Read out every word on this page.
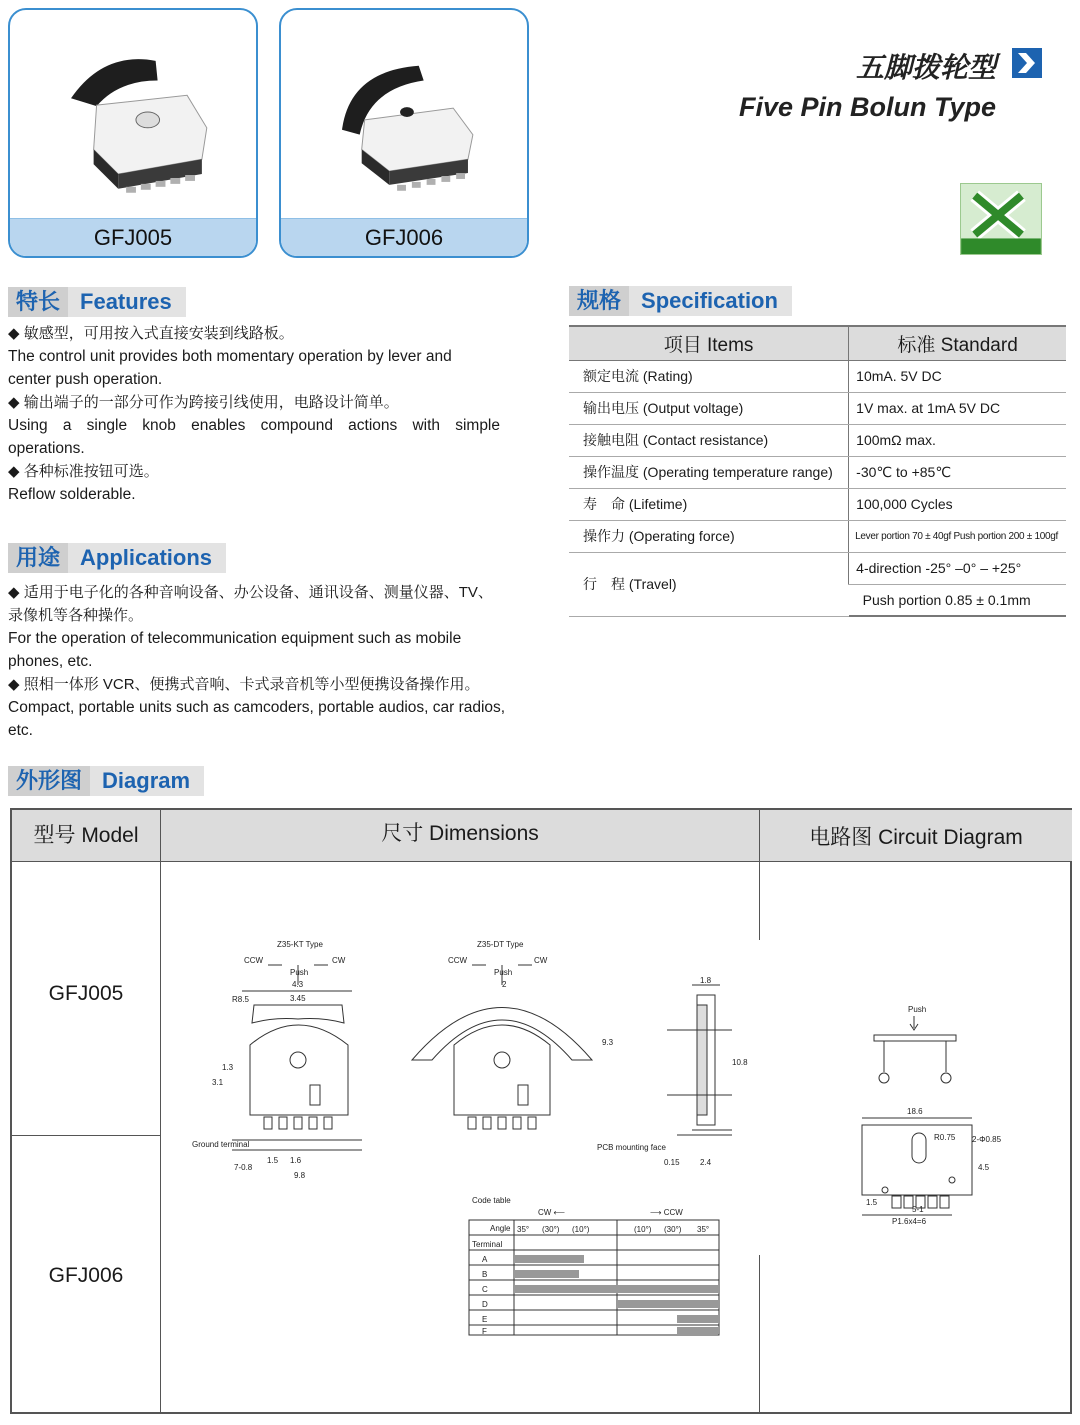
GFJ005	GFJ006
五脚拨轮型
Five Pin Bolun Type
特长 Features

◆ 敏感型，可用按入式直接安装到线路板。

The control unit provides both momentary operation by lever and

center push operation.

◆ 输出端子的一部分可作为跨接引线使用，电路设计简单。

Using a single knob enables compound actions with simple

operations.

◆ 各种标准按钮可选。

Reflow solderable.

用途 Applications

◆ 适用于电子化的各种音响设备、办公设备、通讯设备、测量仪器、TV、

录像机等各种操作。

For the operation of telecommunication equipment such as mobile

phones, etc.

◆ 照相一体形 VCR、便携式音响、卡式录音机等小型便携设备操作用。

Compact, portable units such as camcoders, portable audios, car radios,

etc.

规格 Specification
项目 Items	标准 Standard
额定电流 (Rating)	10mA. 5V DC
输出电压 (Output voltage)	1V max. at 1mA 5V DC
接触电阻 (Contact resistance)	100mΩ max.
操作温度 (Operating temperature range)	-30℃ to +85℃
寿　命 (Lifetime)	100,000 Cycles
操作力 (Operating force)	Lever portion 70 ± 40gf Push portion 200 ± 100gf
行　程 (Travel)	4-direction -25° –0° – +25°
	Push portion 0.85 ± 0.1mm
外形图 Diagram
型号 Model	尺寸 Dimensions	电路图 Circuit Diagram
GFJ005
GFJ006
Z35-KT Type
CCW	CW
Push
Z35-DT Type
CCW	CW
Push
Ground terminal	PCB mounting face
Code table
CW ⟵	⟶ CCW
Angle
Terminal
35° (30°) (10°)	(10°) (30°) 35°
A
B
C
D
E
F
R8.5
4.3
3.45
7-0.8
1.5 1.6
9.8
3.1
1.3
2	1.8
9.3
10.8
2.4
0.15
Push
18.6
R0.75 2-Φ0.85
P1.6x4=6
5-1
4.5
1.5
